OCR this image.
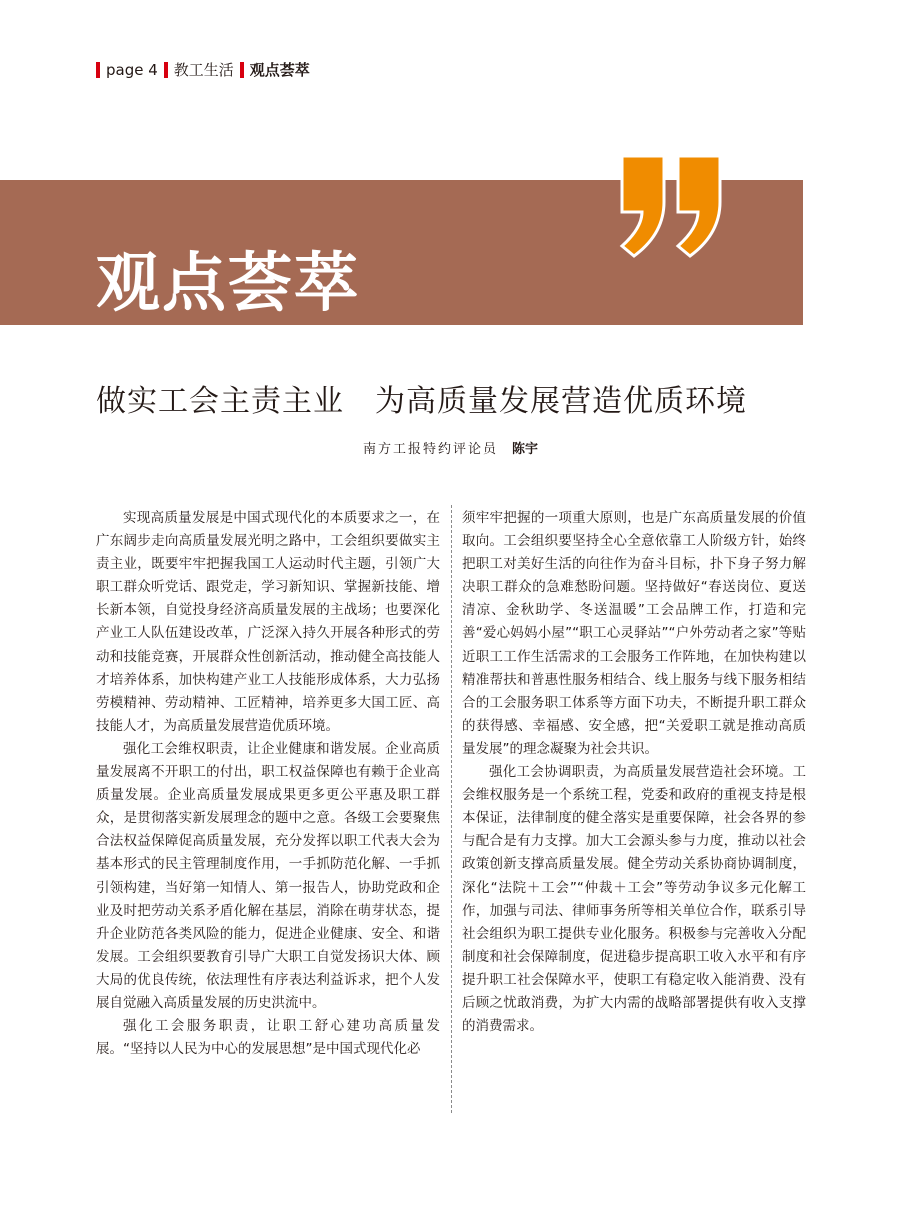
page 4 教工生活 观点荟萃
观点荟萃
做实工会主责主业　为高质量发展营造优质环境
南方工报特约评论员 陈宇

实现高质量发展是中国式现代化的本质要求之一，在广东阔步走向高质量发展光明之路中，工会组织要做实主责主业，既要牢牢把握我国工人运动时代主题，引领广大职工群众听党话、跟党走，学习新知识、掌握新技能、增长新本领，自觉投身经济高质量发展的主战场；也要深化产业工人队伍建设改革，广泛深入持久开展各种形式的劳动和技能竞赛，开展群众性创新活动，推动健全高技能人才培养体系，加快构建产业工人技能形成体系，大力弘扬劳模精神、劳动精神、工匠精神，培养更多大国工匠、高技能人才，为高质量发展营造优质环境。

强化工会维权职责，让企业健康和谐发展。企业高质量发展离不开职工的付出，职工权益保障也有赖于企业高质量发展。企业高质量发展成果更多更公平惠及职工群众，是贯彻落实新发展理念的题中之意。各级工会要聚焦合法权益保障促高质量发展，充分发挥以职工代表大会为基本形式的民主管理制度作用，一手抓防范化解、一手抓引领构建，当好第一知情人、第一报告人，协助党政和企业及时把劳动关系矛盾化解在基层，消除在萌芽状态，提升企业防范各类风险的能力，促进企业健康、安全、和谐发展。工会组织要教育引导广大职工自觉发扬识大体、顾大局的优良传统，依法理性有序表达利益诉求，把个人发展自觉融入高质量发展的历史洪流中。

强化工会服务职责，让职工舒心建功高质量发展。“坚持以人民为中心的发展思想”是中国式现代化必

须牢牢把握的一项重大原则，也是广东高质量发展的价值取向。工会组织要坚持全心全意依靠工人阶级方针，始终把职工对美好生活的向往作为奋斗目标，扑下身子努力解决职工群众的急难愁盼问题。坚持做好“春送岗位、夏送清凉、金秋助学、冬送温暖”工会品牌工作，打造和完善“爱心妈妈小屋”“职工心灵驿站”“户外劳动者之家”等贴近职工工作生活需求的工会服务工作阵地，在加快构建以精准帮扶和普惠性服务相结合、线上服务与线下服务相结合的工会服务职工体系等方面下功夫，不断提升职工群众的获得感、幸福感、安全感，把“关爱职工就是推动高质量发展”的理念凝聚为社会共识。

强化工会协调职责，为高质量发展营造社会环境。工会维权服务是一个系统工程，党委和政府的重视支持是根本保证，法律制度的健全落实是重要保障，社会各界的参与配合是有力支撑。加大工会源头参与力度，推动以社会政策创新支撑高质量发展。健全劳动关系协商协调制度，深化“法院＋工会”“仲裁＋工会”等劳动争议多元化解工作，加强与司法、律师事务所等相关单位合作，联系引导社会组织为职工提供专业化服务。积极参与完善收入分配制度和社会保障制度，促进稳步提高职工收入水平和有序提升职工社会保障水平，使职工有稳定收入能消费、没有后顾之忧敢消费，为扩大内需的战略部署提供有收入支撑的消费需求。
